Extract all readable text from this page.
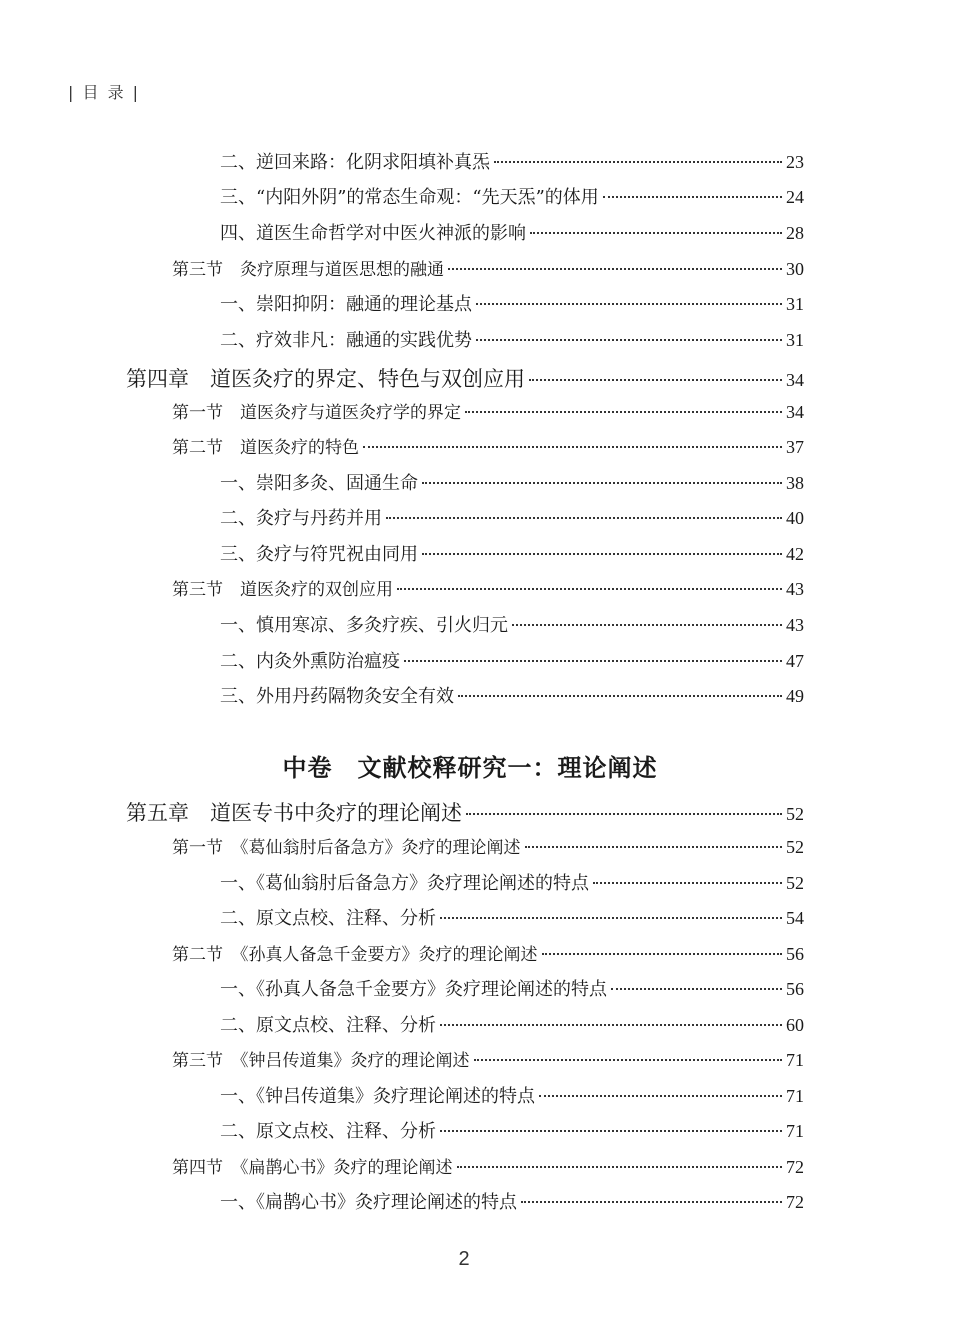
| 目 录 |
二、逆回来路：化阴求阳填补真炁	23
三、“内阳外阴”的常态生命观：“先天炁”的体用	24
四、道医生命哲学对中医火神派的影响	28
第三节　灸疗原理与道医思想的融通	30
一、崇阳抑阴：融通的理论基点	31
二、疗效非凡：融通的实践优势	31
第四章　道医灸疗的界定、特色与双创应用	34
第一节　道医灸疗与道医灸疗学的界定	34
第二节　道医灸疗的特色	37
一、崇阳多灸、固通生命	38
二、灸疗与丹药并用	40
三、灸疗与符咒祝由同用	42
第三节　道医灸疗的双创应用	43
一、慎用寒凉、多灸疗疾、引火归元	43
二、内灸外熏防治瘟疫	47
三、外用丹药隔物灸安全有效	49
第五章　道医专书中灸疗的理论阐述	52
第一节　《葛仙翁肘后备急方》灸疗的理论阐述	52
一、《葛仙翁肘后备急方》灸疗理论阐述的特点	52
二、原文点校、注释、分析	54
第二节　《孙真人备急千金要方》灸疗的理论阐述	56
一、《孙真人备急千金要方》灸疗理论阐述的特点	56
二、原文点校、注释、分析	60
第三节　《钟吕传道集》灸疗的理论阐述	71
一、《钟吕传道集》灸疗理论阐述的特点	71
二、原文点校、注释、分析	71
第四节　《扁鹊心书》灸疗的理论阐述	72
一、《扁鹊心书》灸疗理论阐述的特点	72
中卷　文献校释研究一：理论阐述
2
